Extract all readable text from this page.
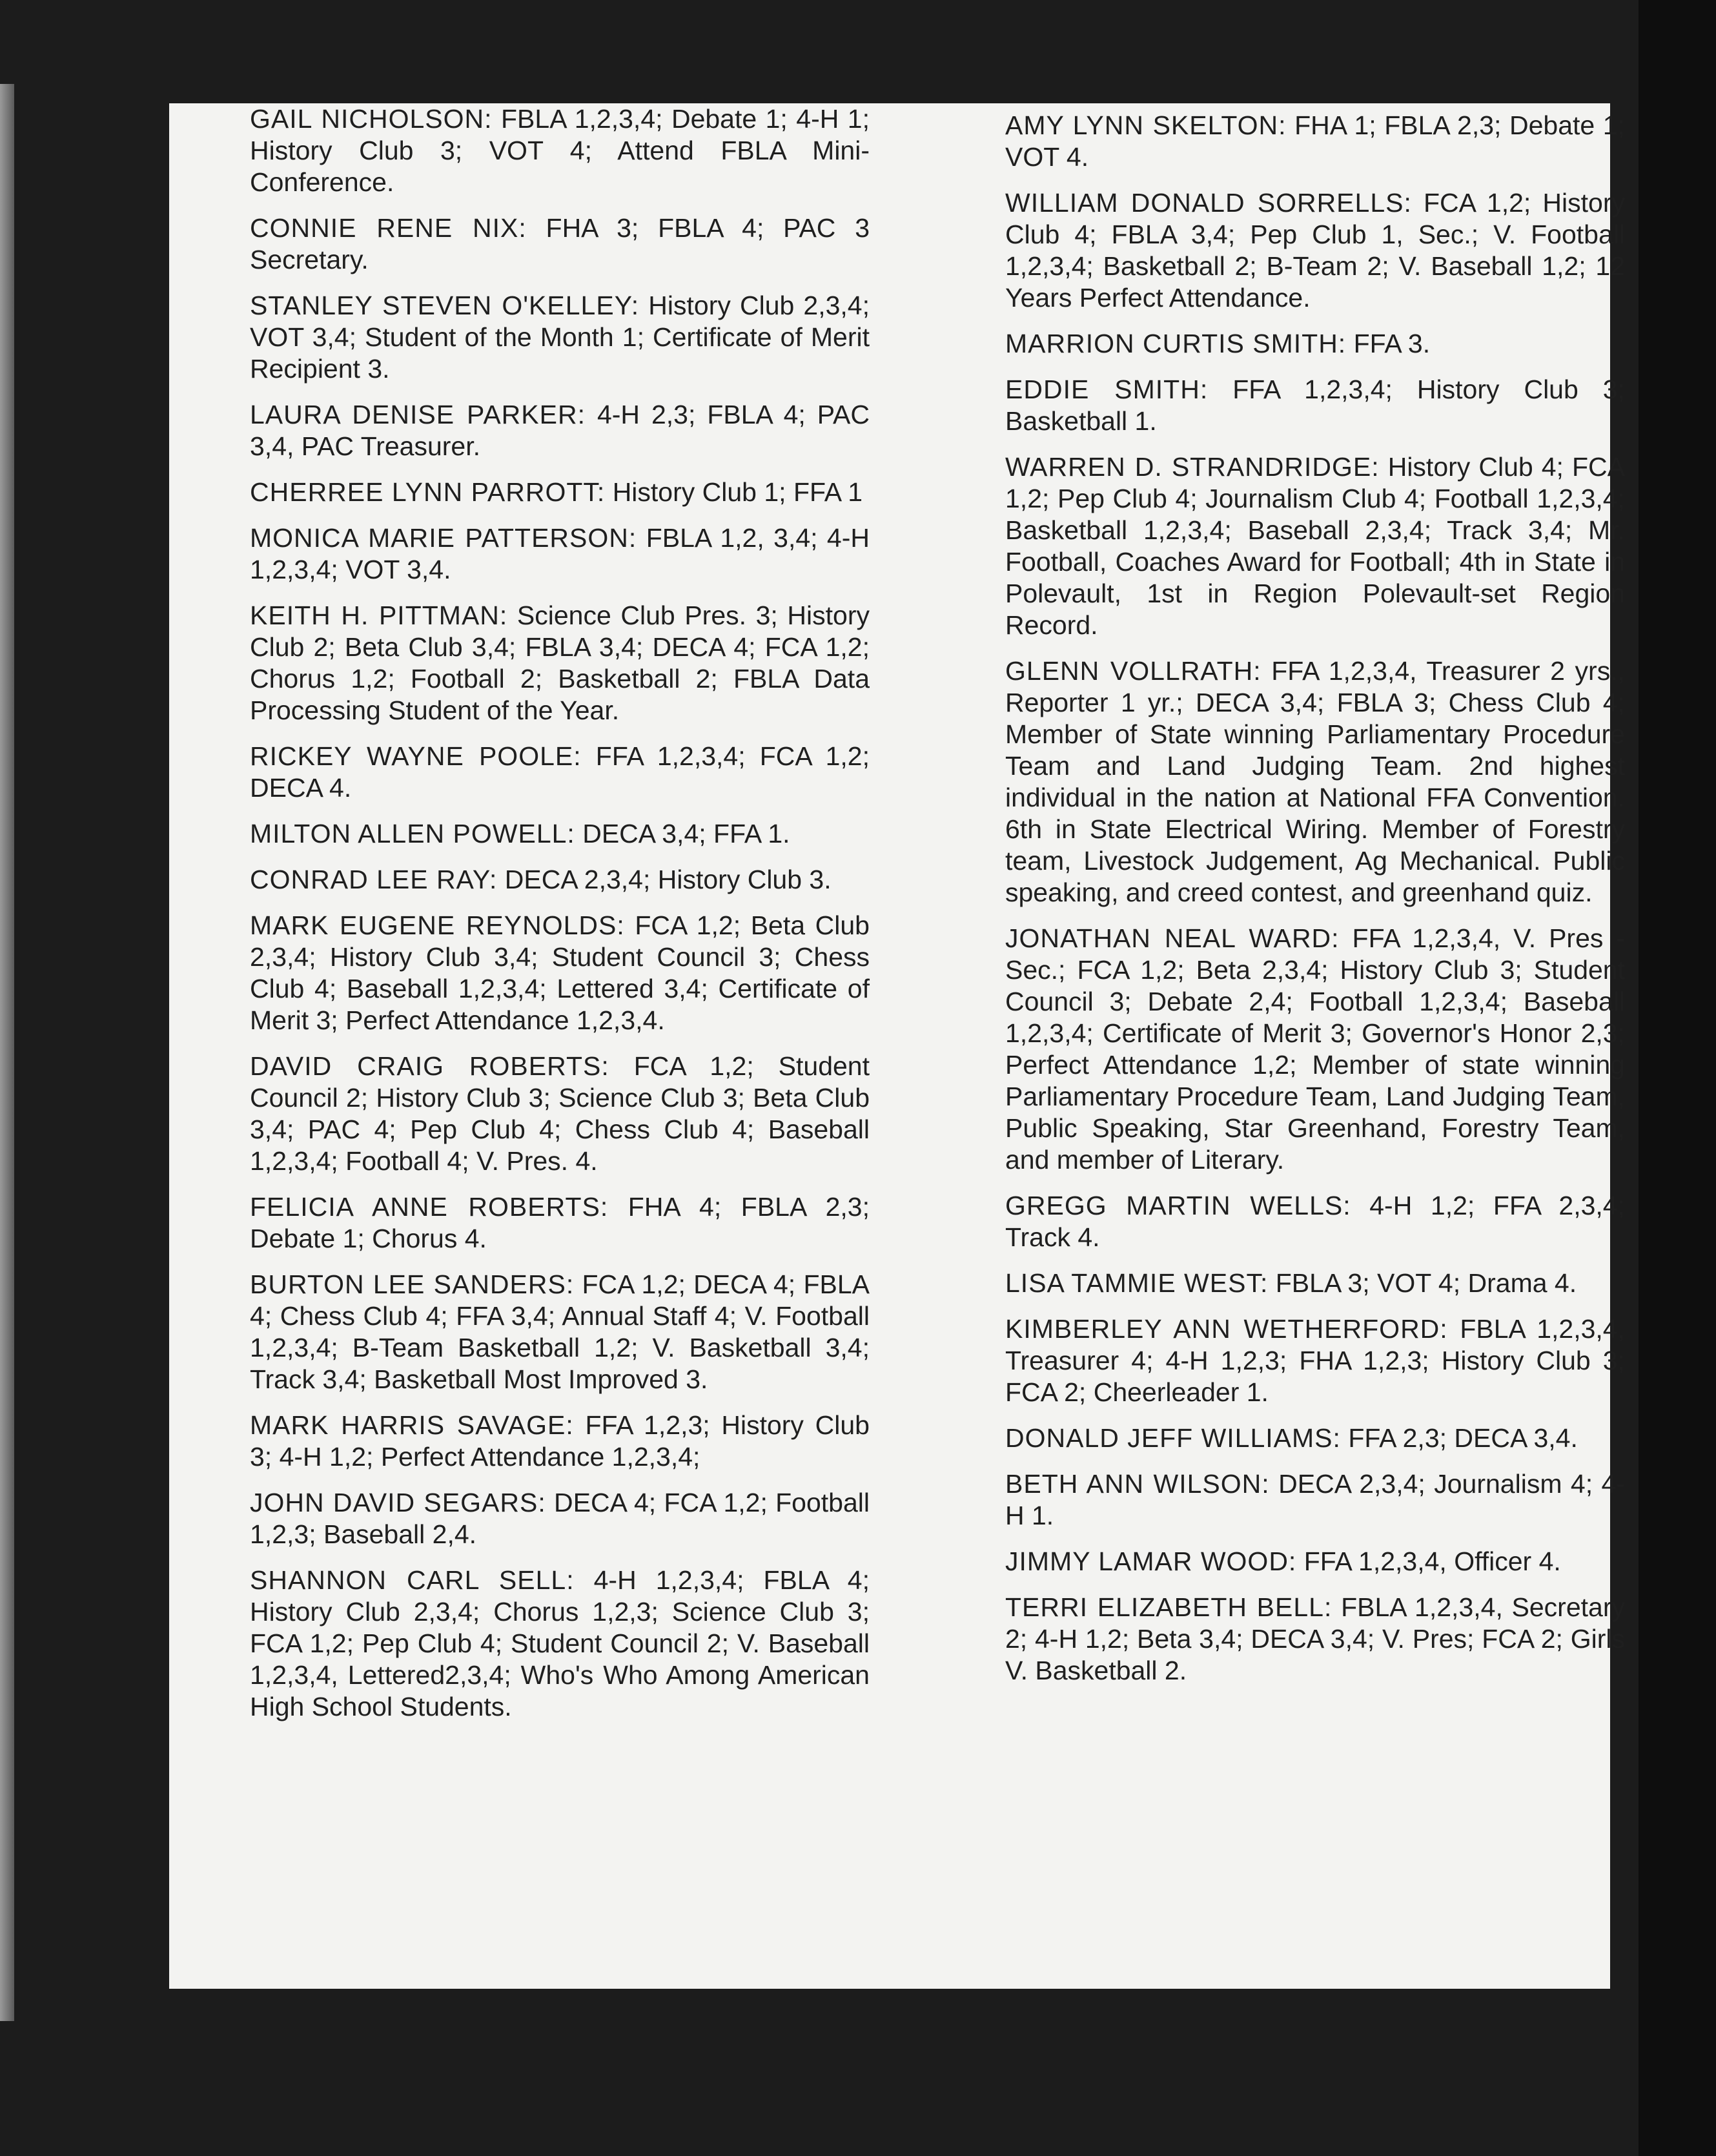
GAIL NICHOLSON: FBLA 1,2,3,4; Debate 1; 4-H 1; History Club 3; VOT 4; Attend FBLA Mini-Conference.

CONNIE RENE NIX: FHA 3; FBLA 4; PAC 3 Secretary.

STANLEY STEVEN O'KELLEY: History Club 2,3,4; VOT 3,4; Student of the Month 1; Certificate of Merit Recipient 3.

LAURA DENISE PARKER: 4-H 2,3; FBLA 4; PAC 3,4, PAC Treasurer.

CHERREE LYNN PARROTT: History Club 1; FFA 1

MONICA MARIE PATTERSON: FBLA 1,2, 3,4; 4-H 1,2,3,4; VOT 3,4.

KEITH H. PITTMAN: Science Club Pres. 3; History Club 2; Beta Club 3,4; FBLA 3,4; DECA 4; FCA 1,2; Chorus 1,2; Football 2; Basketball 2; FBLA Data Processing Student of the Year.

RICKEY WAYNE POOLE: FFA 1,2,3,4; FCA 1,2; DECA 4.

MILTON ALLEN POWELL: DECA 3,4; FFA 1.

CONRAD LEE RAY: DECA 2,3,4; History Club 3.

MARK EUGENE REYNOLDS: FCA 1,2; Beta Club 2,3,4; History Club 3,4; Student Council 3; Chess Club 4; Baseball 1,2,3,4; Lettered 3,4; Certificate of Merit 3; Perfect Attendance 1,2,3,4.

DAVID CRAIG ROBERTS: FCA 1,2; Student Council 2; History Club 3; Science Club 3; Beta Club 3,4; PAC 4; Pep Club 4; Chess Club 4; Baseball 1,2,3,4; Football 4; V. Pres. 4.

FELICIA ANNE ROBERTS: FHA 4; FBLA 2,3; Debate 1; Chorus 4.

BURTON LEE SANDERS: FCA 1,2; DECA 4; FBLA 4; Chess Club 4; FFA 3,4; Annual Staff 4; V. Football 1,2,3,4; B-Team Basketball 1,2; V. Basketball 3,4; Track 3,4; Basketball Most Improved 3.

MARK HARRIS SAVAGE: FFA 1,2,3; History Club 3; 4-H 1,2; Perfect Attendance 1,2,3,4;

JOHN DAVID SEGARS: DECA 4; FCA 1,2; Football 1,2,3; Baseball 2,4.

SHANNON CARL SELL: 4-H 1,2,3,4; FBLA 4; History Club 2,3,4; Chorus 1,2,3; Science Club 3; FCA 1,2; Pep Club 4; Student Council 2; V. Baseball 1,2,3,4, Lettered2,3,4; Who's Who Among American High School Students.

AMY LYNN SKELTON: FHA 1; FBLA 2,3; Debate 1; VOT 4.

WILLIAM DONALD SORRELLS: FCA 1,2; History Club 4; FBLA 3,4; Pep Club 1, Sec.; V. Football 1,2,3,4; Basketball 2; B-Team 2; V. Baseball 1,2; 12 Years Perfect Attendance.

MARRION CURTIS SMITH: FFA 3.

EDDIE SMITH: FFA 1,2,3,4; History Club 3; Basketball 1.

WARREN D. STRANDRIDGE: History Club 4; FCA 1,2; Pep Club 4; Journalism Club 4; Football 1,2,3,4; Basketball 1,2,3,4; Baseball 2,3,4; Track 3,4; Mr. Football, Coaches Award for Football; 4th in State in Polevault, 1st in Region Polevault-set Region Record.

GLENN VOLLRATH: FFA 1,2,3,4, Treasurer 2 yrs., Reporter 1 yr.; DECA 3,4; FBLA 3; Chess Club 4; Member of State winning Parliamentary Procedure Team and Land Judging Team. 2nd highest individual in the nation at National FFA Convention. 6th in State Electrical Wiring. Member of Forestry team, Livestock Judgement, Ag Mechanical. Public speaking, and creed contest, and greenhand quiz.

JONATHAN NEAL WARD: FFA 1,2,3,4, V. Pres - Sec.; FCA 1,2; Beta 2,3,4; History Club 3; Student Council 3; Debate 2,4; Football 1,2,3,4; Baseball 1,2,3,4; Certificate of Merit 3; Governor's Honor 2,3; Perfect Attendance 1,2; Member of state winning Parliamentary Procedure Team, Land Judging Team, Public Speaking, Star Greenhand, Forestry Team, and member of Literary.

GREGG MARTIN WELLS: 4-H 1,2; FFA 2,3,4; Track 4.

LISA TAMMIE WEST: FBLA 3; VOT 4; Drama 4.

KIMBERLEY ANN WETHERFORD: FBLA 1,2,3,4, Treasurer 4; 4-H 1,2,3; FHA 1,2,3; History Club 3; FCA 2; Cheerleader 1.

DONALD JEFF WILLIAMS: FFA 2,3; DECA 3,4.

BETH ANN WILSON: DECA 2,3,4; Journalism 4; 4-H 1.

JIMMY LAMAR WOOD: FFA 1,2,3,4, Officer 4.

TERRI ELIZABETH BELL: FBLA 1,2,3,4, Secretary 2; 4-H 1,2; Beta 3,4; DECA 3,4; V. Pres; FCA 2; Girls V. Basketball 2.
